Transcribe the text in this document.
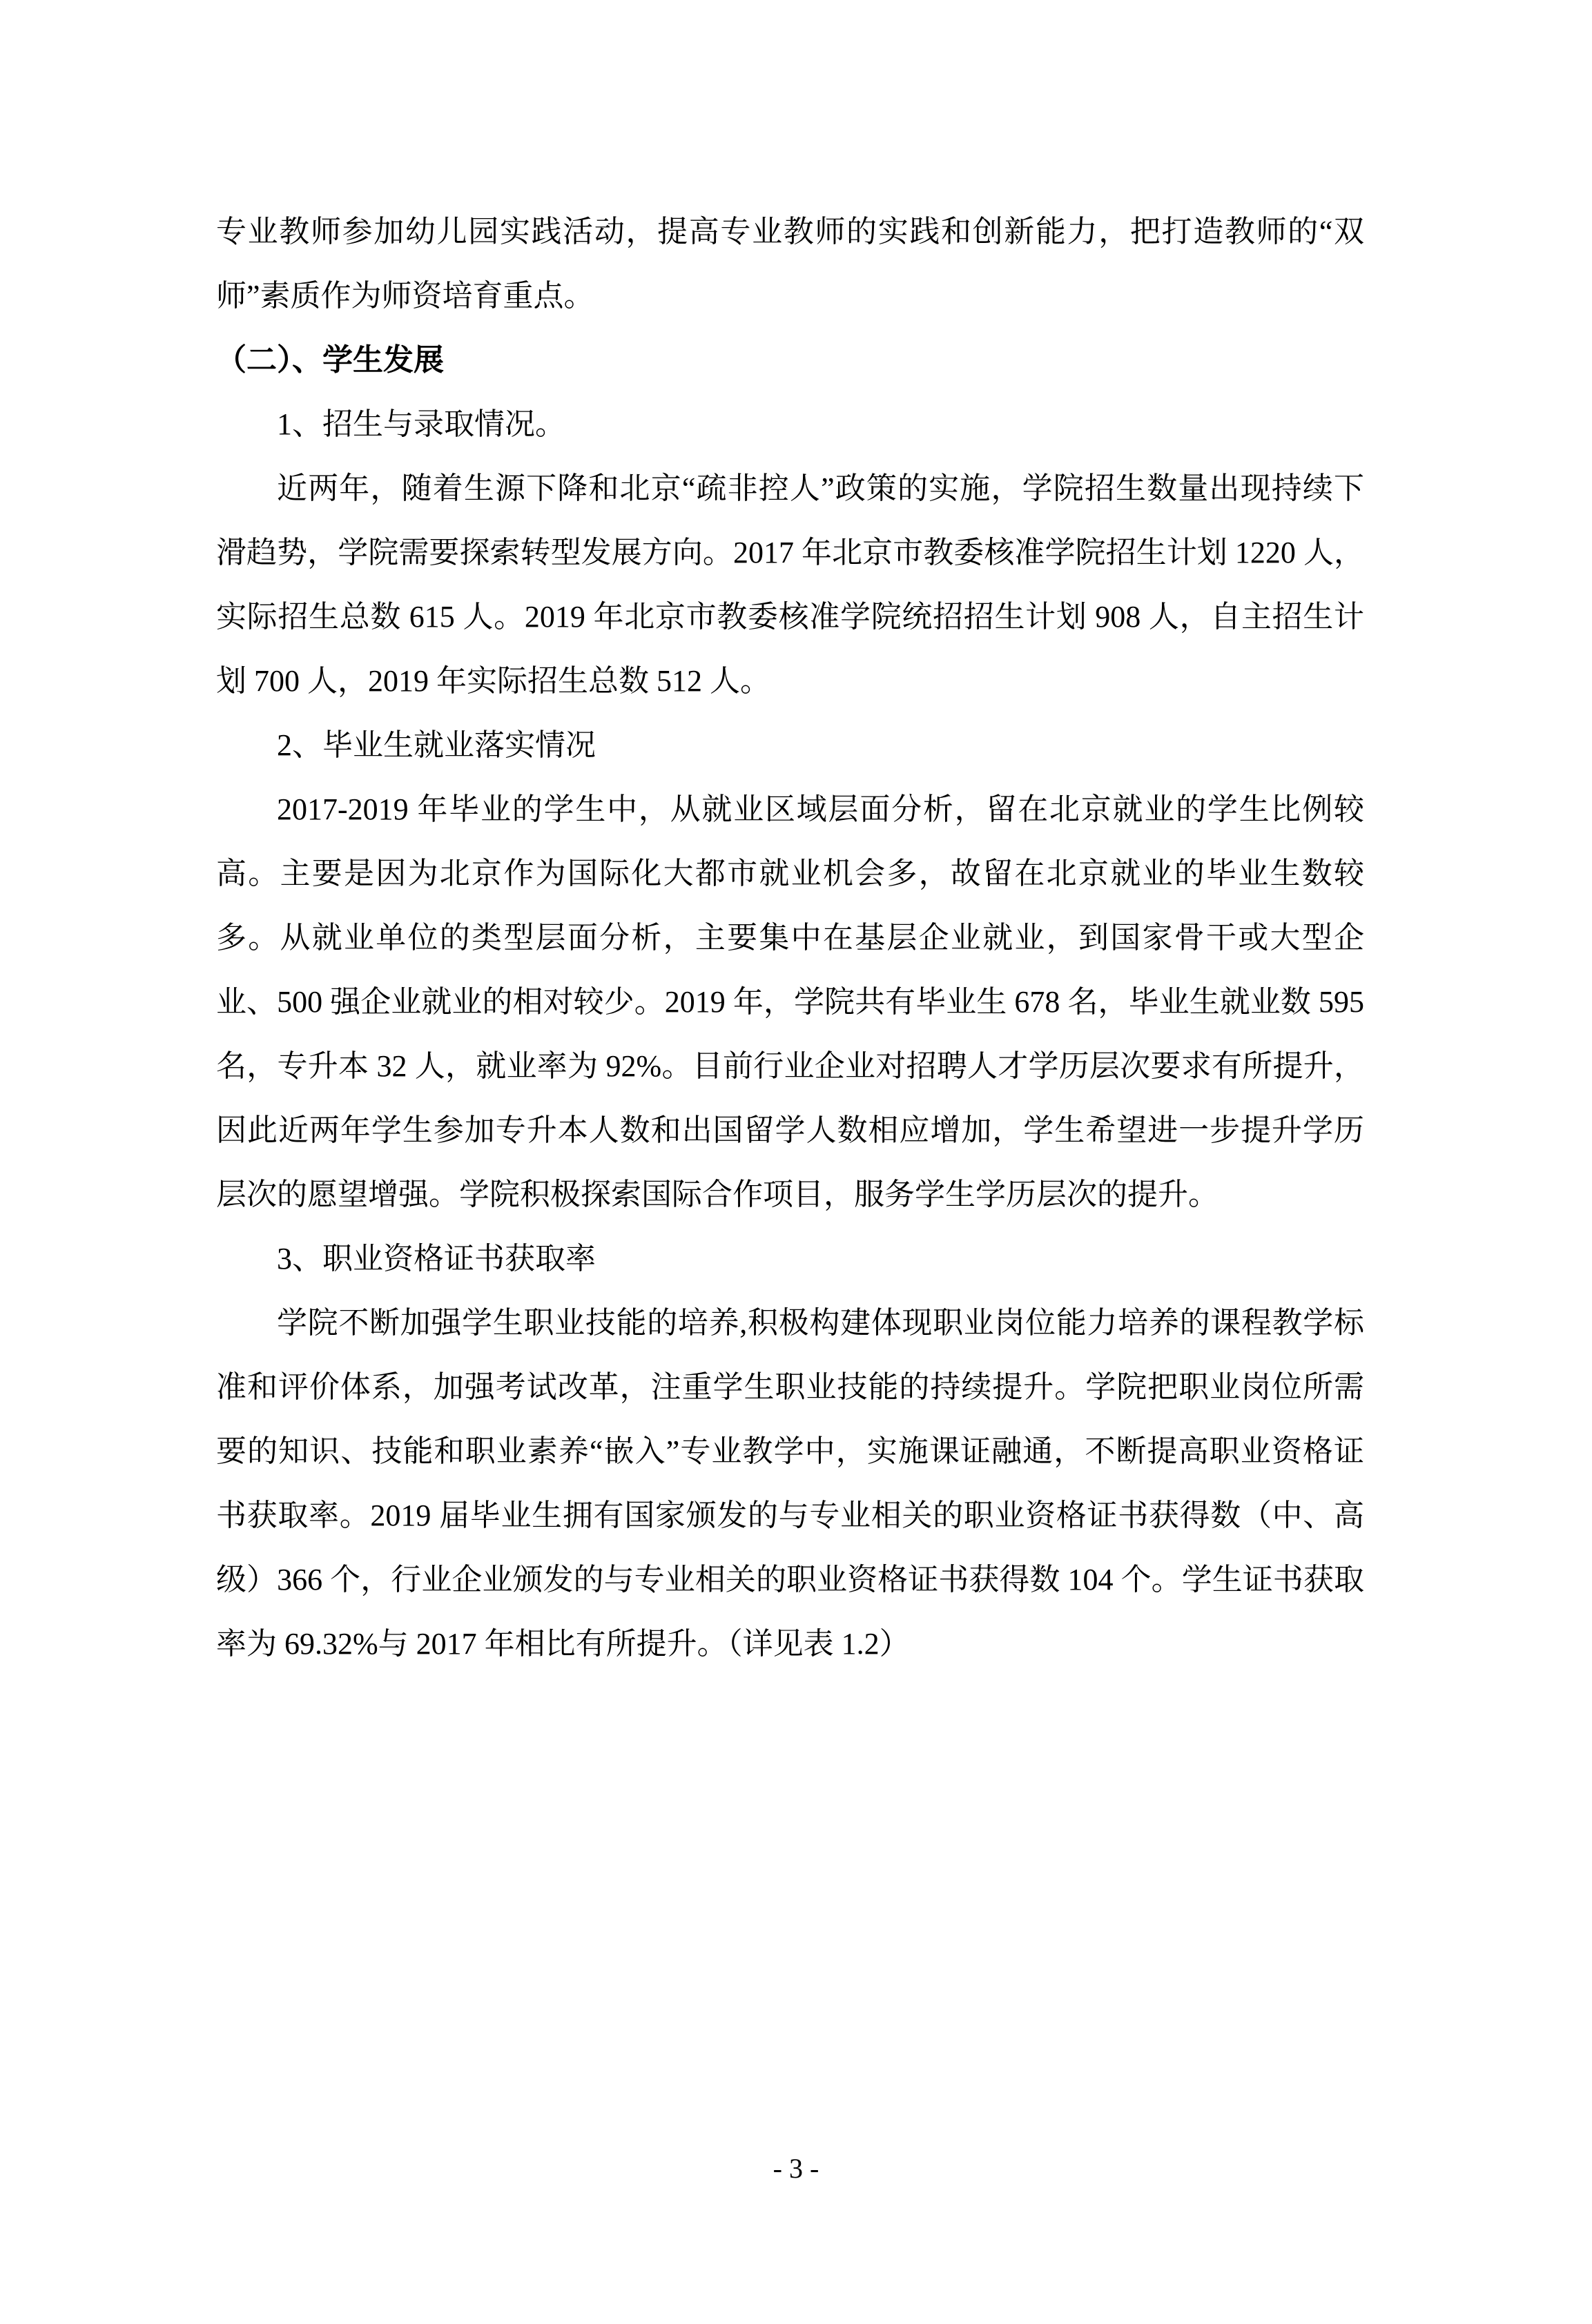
专业教师参加幼儿园实践活动，提高专业教师的实践和创新能力，把打造教师的“双师”素质作为师资培育重点。

（二）、学生发展

1、招生与录取情况。

近两年，随着生源下降和北京“疏非控人”政策的实施，学院招生数量出现持续下滑趋势，学院需要探索转型发展方向。2017 年北京市教委核准学院招生计划 1220 人，实际招生总数 615 人。2019 年北京市教委核准学院统招招生计划 908 人，自主招生计划 700 人，2019 年实际招生总数 512 人。

2、毕业生就业落实情况

2017-2019 年毕业的学生中，从就业区域层面分析，留在北京就业的学生比例较高。主要是因为北京作为国际化大都市就业机会多，故留在北京就业的毕业生数较多。从就业单位的类型层面分析，主要集中在基层企业就业，到国家骨干或大型企业、500 强企业就业的相对较少。2019 年，学院共有毕业生 678 名，毕业生就业数 595 名，专升本 32 人，就业率为 92%。目前行业企业对招聘人才学历层次要求有所提升，因此近两年学生参加专升本人数和出国留学人数相应增加，学生希望进一步提升学历层次的愿望增强。学院积极探索国际合作项目，服务学生学历层次的提升。

3、职业资格证书获取率

学院不断加强学生职业技能的培养,积极构建体现职业岗位能力培养的课程教学标准和评价体系，加强考试改革，注重学生职业技能的持续提升。学院把职业岗位所需要的知识、技能和职业素养“嵌入”专业教学中，实施课证融通，不断提高职业资格证书获取率。2019 届毕业生拥有国家颁发的与专业相关的职业资格证书获得数（中、高级）366 个，行业企业颁发的与专业相关的职业资格证书获得数 104 个。学生证书获取率为 69.32%与 2017 年相比有所提升。（详见表 1.2）

- 3 -
